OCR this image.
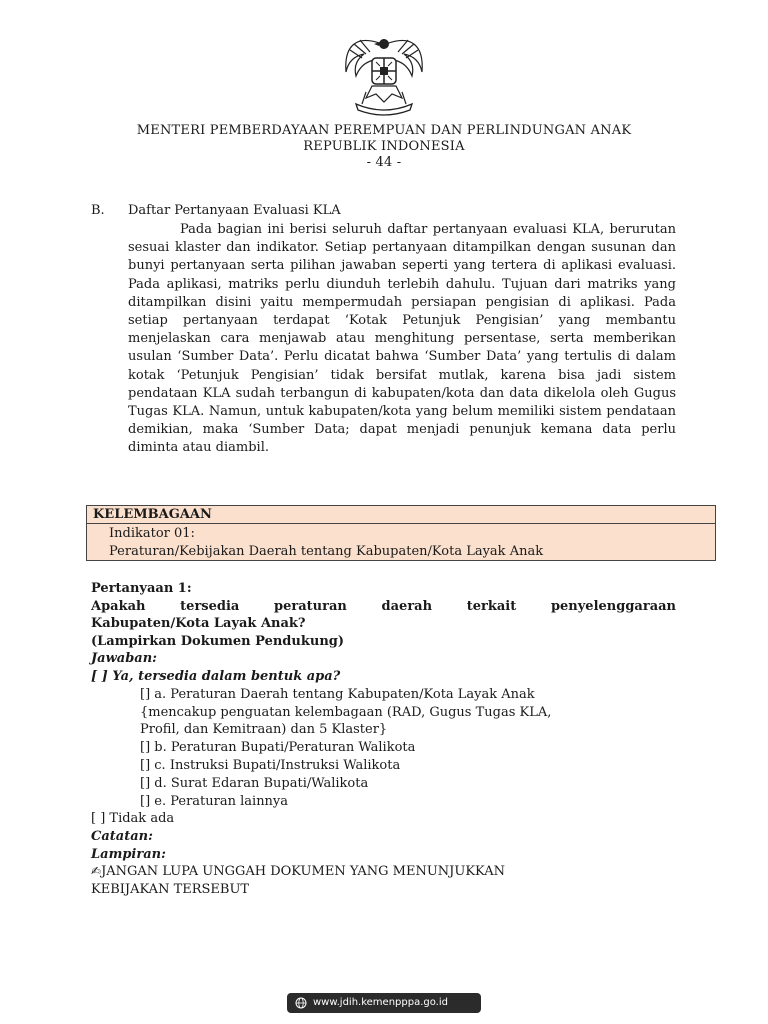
MENTERI PEMBERDAYAAN PEREMPUAN DAN PERLINDUNGAN ANAK
REPUBLIK INDONESIA
- 44 -
B. Daftar Pertanyaan Evaluasi KLA

Pada bagian ini berisi seluruh daftar pertanyaan evaluasi KLA, berurutan sesuai klaster dan indikator. Setiap pertanyaan ditampilkan dengan susunan dan bunyi pertanyaan serta pilihan jawaban seperti yang tertera di aplikasi evaluasi. Pada aplikasi, matriks perlu diunduh terlebih dahulu. Tujuan dari matriks yang ditampilkan disini yaitu mempermudah persiapan pengisian di aplikasi. Pada setiap pertanyaan terdapat ‘Kotak Petunjuk Pengisian’ yang membantu menjelaskan cara menjawab atau menghitung persentase, serta memberikan usulan ‘Sumber Data’. Perlu dicatat bahwa ‘Sumber Data’ yang tertulis di dalam kotak ‘Petunjuk Pengisian’ tidak bersifat mutlak, karena bisa jadi sistem pendataan KLA sudah terbangun di kabupaten/kota dan data dikelola oleh Gugus Tugas KLA. Namun, untuk kabupaten/kota yang belum memiliki sistem pendataan demikian, maka ‘Sumber Data; dapat menjadi penunjuk kemana data perlu diminta atau diambil.

KELEMBAGAAN
Indikator 01:
Peraturan/Kebijakan Daerah tentang Kabupaten/Kota Layak Anak
Pertanyaan 1:
Apakah tersedia peraturan daerah terkait penyelenggaraan
Kabupaten/Kota Layak Anak?
(Lampirkan Dokumen Pendukung)
Jawaban:
[ ] Ya, tersedia dalam bentuk apa?
[] a. Peraturan Daerah tentang Kabupaten/Kota Layak Anak
{mencakup penguatan kelembagaan (RAD, Gugus Tugas KLA,
Profil, dan Kemitraan) dan 5 Klaster}
[] b. Peraturan Bupati/Peraturan Walikota
[] c. Instruksi Bupati/Instruksi Walikota
[] d. Surat Edaran Bupati/Walikota
[] e. Peraturan lainnya
[ ] Tidak ada
Catatan:
Lampiran:
✍JANGAN LUPA UNGGAH DOKUMEN YANG MENUNJUKKAN
KEBIJAKAN TERSEBUT
www.jdih.kemenpppa.go.id
